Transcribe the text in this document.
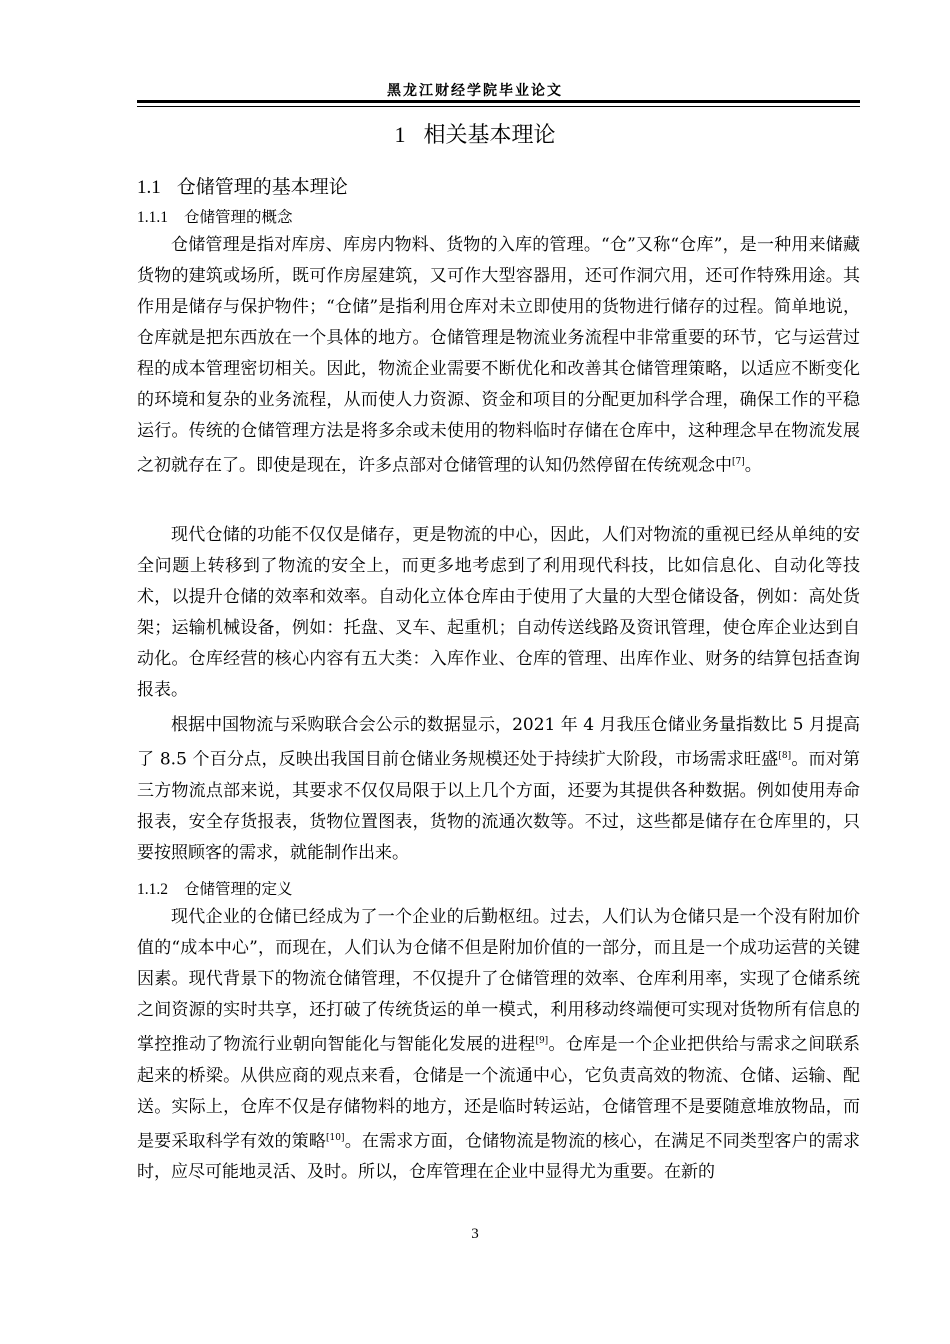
黑龙江财经学院毕业论文
1 相关基本理论
1.1 仓储管理的基本理论
1.1.1 仓储管理的概念

仓储管理是指对库房、库房内物料、货物的入库的管理。“仓”又称“仓库”，是一种用来储藏货物的建筑或场所，既可作房屋建筑，又可作大型容器用，还可作洞穴用，还可作特殊用途。其作用是储存与保护物件；“仓储”是指利用仓库对未立即使用的货物进行储存的过程。简单地说，仓库就是把东西放在一个具体的地方。仓储管理是物流业务流程中非常重要的环节，它与运营过程的成本管理密切相关。因此，物流企业需要不断优化和改善其仓储管理策略，以适应不断变化的环境和复杂的业务流程，从而使人力资源、资金和项目的分配更加科学合理，确保工作的平稳运行。传统的仓储管理方法是将多余或未使用的物料临时存储在仓库中，这种理念早在物流发展之初就存在了。即使是现在，许多点部对仓储管理的认知仍然停留在传统观念中[7]。

现代仓储的功能不仅仅是储存，更是物流的中心，因此，人们对物流的重视已经从单纯的安全问题上转移到了物流的安全上，而更多地考虑到了利用现代科技，比如信息化、自动化等技术，以提升仓储的效率和效率。自动化立体仓库由于使用了大量的大型仓储设备，例如：高处货架；运输机械设备，例如：托盘、叉车、起重机；自动传送线路及资讯管理，使仓库企业达到自动化。仓库经营的核心内容有五大类：入库作业、仓库的管理、出库作业、财务的结算包括查询报表。

根据中国物流与采购联合会公示的数据显示，2021 年 4 月我压仓储业务量指数比 5 月提高了 8.5 个百分点，反映出我国目前仓储业务规模还处于持续扩大阶段，市场需求旺盛[8]。而对第三方物流点部来说，其要求不仅仅局限于以上几个方面，还要为其提供各种数据。例如使用寿命报表，安全存货报表，货物位置图表，货物的流通次数等。不过，这些都是储存在仓库里的，只要按照顾客的需求，就能制作出来。

1.1.2 仓储管理的定义

现代企业的仓储已经成为了一个企业的后勤枢纽。过去，人们认为仓储只是一个没有附加价值的“成本中心”，而现在，人们认为仓储不但是附加价值的一部分，而且是一个成功运营的关键因素。现代背景下的物流仓储管理，不仅提升了仓储管理的效率、仓库利用率，实现了仓储系统之间资源的实时共享，还打破了传统货运的单一模式，利用移动终端便可实现对货物所有信息的掌控推动了物流行业朝向智能化与智能化发展的进程[9]。仓库是一个企业把供给与需求之间联系起来的桥梁。从供应商的观点来看，仓储是一个流通中心，它负责高效的物流、仓储、运输、配送。实际上，仓库不仅是存储物料的地方，还是临时转运站，仓储管理不是要随意堆放物品，而是要采取科学有效的策略[10]。在需求方面，仓储物流是物流的核心，在满足不同类型客户的需求时，应尽可能地灵活、及时。所以，仓库管理在企业中显得尤为重要。在新的

3
